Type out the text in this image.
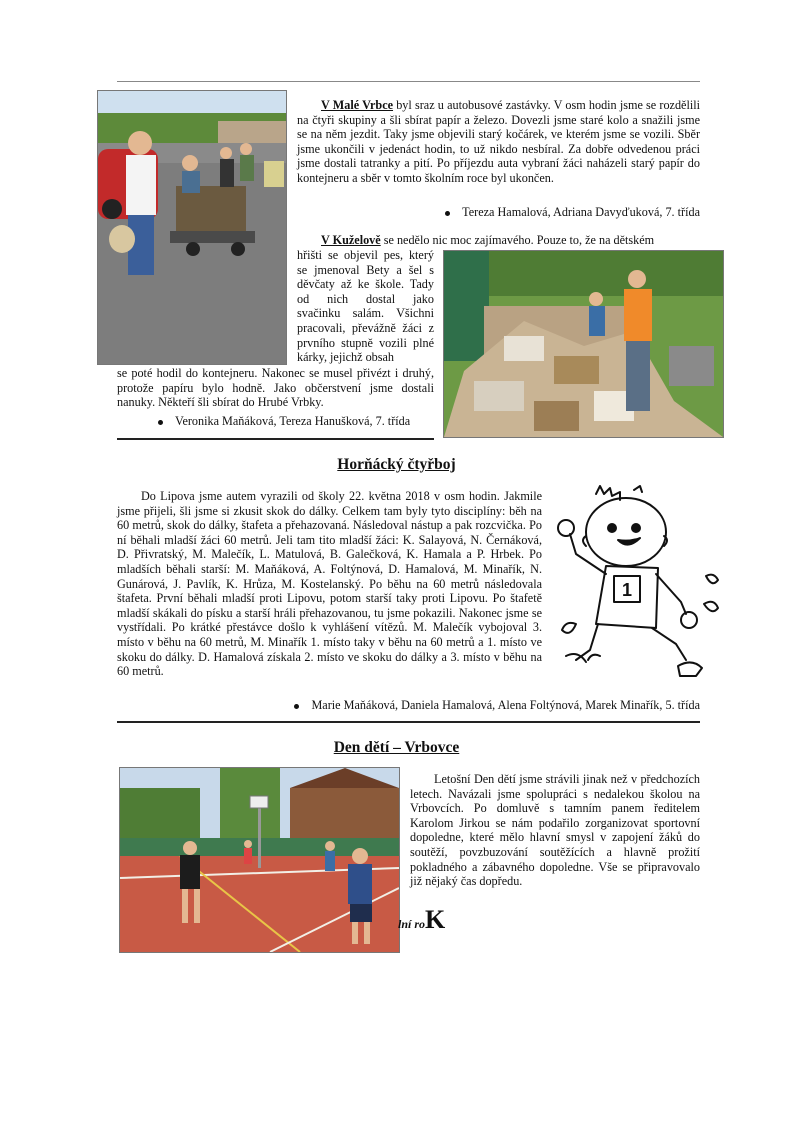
V Malé Vrbce byl sraz u autobusové zastávky. V osm hodin jsme se rozdělili na čtyři skupiny a šli sbírat papír a železo. Dovezli jsme staré kolo a snažili jsme se na něm jezdit. Taky jsme objevili starý kočárek, ve kterém jsme se vozili. Sběr jsme ukončili v jedenáct hodin, to už nikdo nesbíral. Za dobře odvedenou práci jsme dostali tatranky a pití. Po příjezdu auta vybraní žáci naházeli starý papír do kontejneru a sběr v tomto školním roce byl ukončen.
Tereza Hamalová, Adriana Davyďuková, 7. třída
V Kuželově se nedělo nic moc zajímavého. Pouze to, že na dětském
hřišti se objevil pes, který se jmenoval Bety a šel s děvčaty až ke škole. Tady od nich dostal jako svačinku salám. Všichni pracovali, převážně žáci z prvního stupně vozili plné kárky, jejichž obsah
se poté hodil do kontejneru. Nakonec se musel přivézt i druhý, protože papíru bylo hodně. Jako občerstvení jsme dostali nanuky. Někteří šli sbírat do Hrubé Vrbky.
Veronika Maňáková, Tereza Hanušková, 7. třída
Horňácký čtyřboj
Do Lipova jsme autem vyrazili od školy 22. května 2018 v osm hodin. Jakmile jsme přijeli, šli jsme si zkusit skok do dálky. Celkem tam byly tyto disciplíny: běh na 60 metrů, skok do dálky, štafeta a přehazovaná. Následoval nástup a pak rozcvička. Po ní běhali mladší žáci 60 metrů. Jeli tam tito mladší žáci: K. Salayová, N. Černáková, D. Přivratský, M. Malečík, L. Matulová, B. Galečková, K. Hamala a P. Hrbek. Po mladších běhali starší: M. Maňáková, A. Foltýnová, D. Hamalová, M. Minařík, N. Gunárová, J. Pavlík, K. Hrůza, M. Kostelanský. Po běhu na 60 metrů následovala štafeta. První běhali mladší proti Lipovu, potom starší taky proti Lipovu. Po štafetě mladší skákali do písku a starší hráli přehazovanou, tu jsme pokazili. Nakonec jsme se vystřídali. Po krátké přestávce došlo k vyhlášení vítězů. M. Malečík vybojoval 3. místo v běhu na 60 metrů, M. Minařík 1. místo taky v běhu na 60 metrů a 1. místo ve skoku do dálky. D. Hamalová získala 2. místo ve skoku do dálky a 3. místo v běhu na 60 metrů.
Marie Maňáková, Daniela Hamalová, Alena Foltýnová, Marek Minařík, 5. třída
1
Den dětí – Vrbovce
Letošní Den dětí jsme strávili jinak než v předchozích letech. Navázali jsme spolupráci s nedalekou školou na Vrbovcích. Po domluvě s tamním panem ředitelem Karolom Jirkou se nám podařilo zorganizovat sportovní dopoledne, které mělo hlavní smysl v zapojení žáků do soutěží, povzbuzování soutěžících a hlavně prožití pokladného a zábavného dopoledne. Vše se připravovalo již nějaký čas dopředu.
lní roK
